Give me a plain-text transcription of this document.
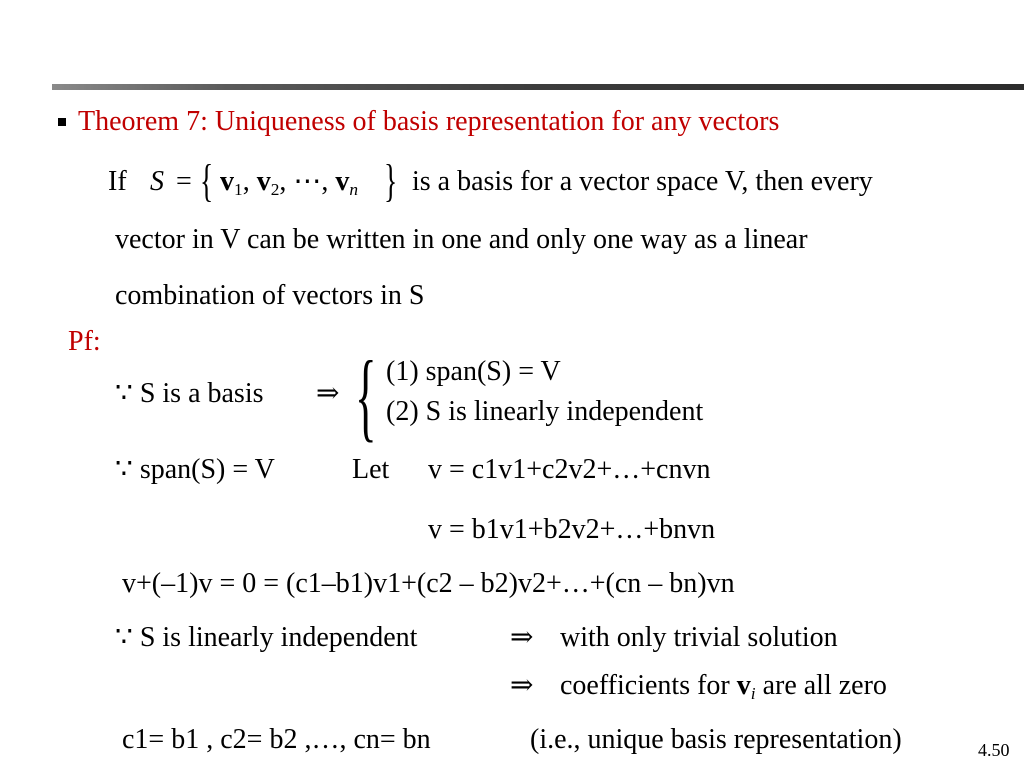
Theorem 7: Uniqueness of basis representation for any vectors
If S = { $v_1$, $v_2$, ⋯, $v_n$ } is a basis for a vector space V, then every
vector in V can be written in one and only one way as a linear
combination of vectors in S
Pf:
∵ S is a basis ⇒ { (1) span(S) = V
(2) S is linearly independent
∵ span(S) = V	Let v = c1v1+c2v2+…+cnvn
v = b1v1+b2v2+…+bnvn
v+(–1)v = 0 = (c1–b1)v1+(c2 – b2)v2+…+(cn – bn)vn
∵ S is linearly independent	⇒ with only trivial solution
⇒ coefficients for $v_i$ are all zero
c1= b1 , c2= b2 ,…, cn= bn	(i.e., unique basis representation)	4.50
